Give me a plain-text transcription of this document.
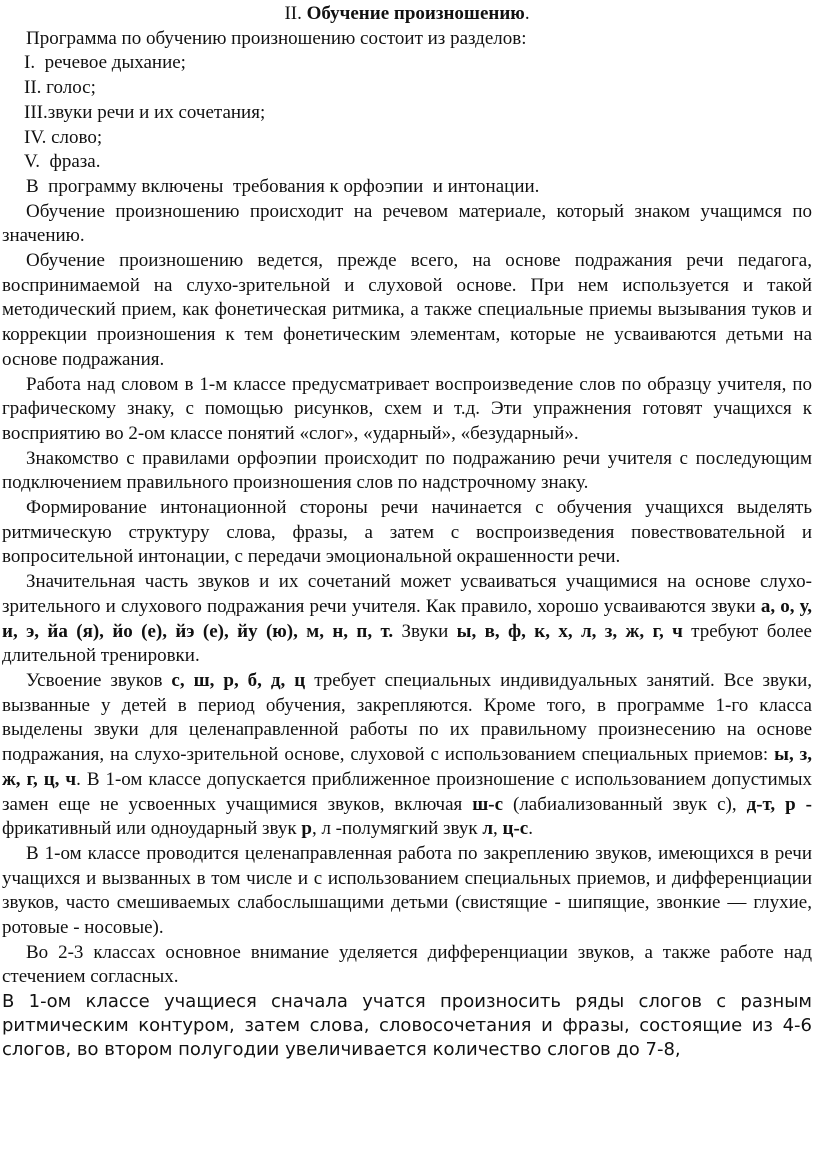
II. Обучение произношению.

Программа по обучению произношению состоит из разделов:

I. речевое дыхание;

II. голос;

III.звуки речи и их сочетания;

IV. слово;

V. фраза.

В  программу включены  требования к орфоэпии  и интонации.

Обучение произношению происходит на речевом материале, который знаком учащимся по значению.

Обучение произношению ведется, прежде всего, на основе подражания речи педагога, воспринимаемой на слухо-зрительной и слуховой основе. При нем используется и такой методический прием, как фонетическая ритмика, а также специальные приемы вызывания туков и коррекции произношения к тем фонетическим элементам, которые не усваиваются детьми на основе подражания.

Работа над словом в 1-м классе предусматривает воспроизведение слов по образцу учителя, по графическому знаку, с помощью рисунков, схем и т.д. Эти упражнения готовят учащихся к восприятию во 2-ом классе понятий «слог», «ударный», «безударный».

Знакомство с правилами орфоэпии происходит по подражанию речи учителя с последующим подключением правильного произношения слов по надстрочному знаку.

Формирование интонационной стороны речи начинается с обучения учащихся выделять ритмическую структуру слова, фразы, а затем с воспроизведения повествовательной и вопросительной интонации, с передачи эмоциональной окрашенности речи.

Значительная часть звуков и их сочетаний может усваиваться учащимися на основе слухо-зрительного и слухового подражания речи учителя. Как правило, хорошо усваиваются звуки а, о, у, и, э, йа (я), йо (е), йэ (е), йу (ю), м, н, п, т. Звуки ы, в, ф, к, х, л, з, ж, г, ч требуют более длительной тренировки.

Усвоение звуков с, ш, р, б, д, ц требует специальных индивидуальных занятий. Все звуки, вызванные у детей в период обучения, закрепляются. Кроме того, в программе 1-го класса выделены звуки для целенаправленной работы по их правильному произнесению на основе подражания, на слухо-зрительной основе, слуховой с использованием специальных приемов: ы, з, ж, г, ц, ч. В 1-ом классе допускается приближенное произношение с использованием допустимых замен еще не усвоенных учащимися звуков, включая ш-с (лабиализованный звук с), д-т, р - фрикативный или одноударный звук р, л -полумягкий звук л, ц-с.

В 1-ом классе проводится целенаправленная работа по закреплению звуков, имеющихся в речи учащихся и вызванных в том числе и с использованием специальных приемов, и дифференциации звуков, часто смешиваемых слабослышащими детьми (свистящие - шипящие, звонкие — глухие, ротовые - носовые).

Во 2-3 классах основное внимание уделяется дифференциации звуков, а также работе над стечением согласных.

В 1-ом классе учащиеся сначала учатся произносить ряды слогов с разным ритмическим контуром, затем слова, словосочетания и фразы, состоящие из 4-6 слогов, во втором полугодии увеличивается количество слогов до 7-8,
